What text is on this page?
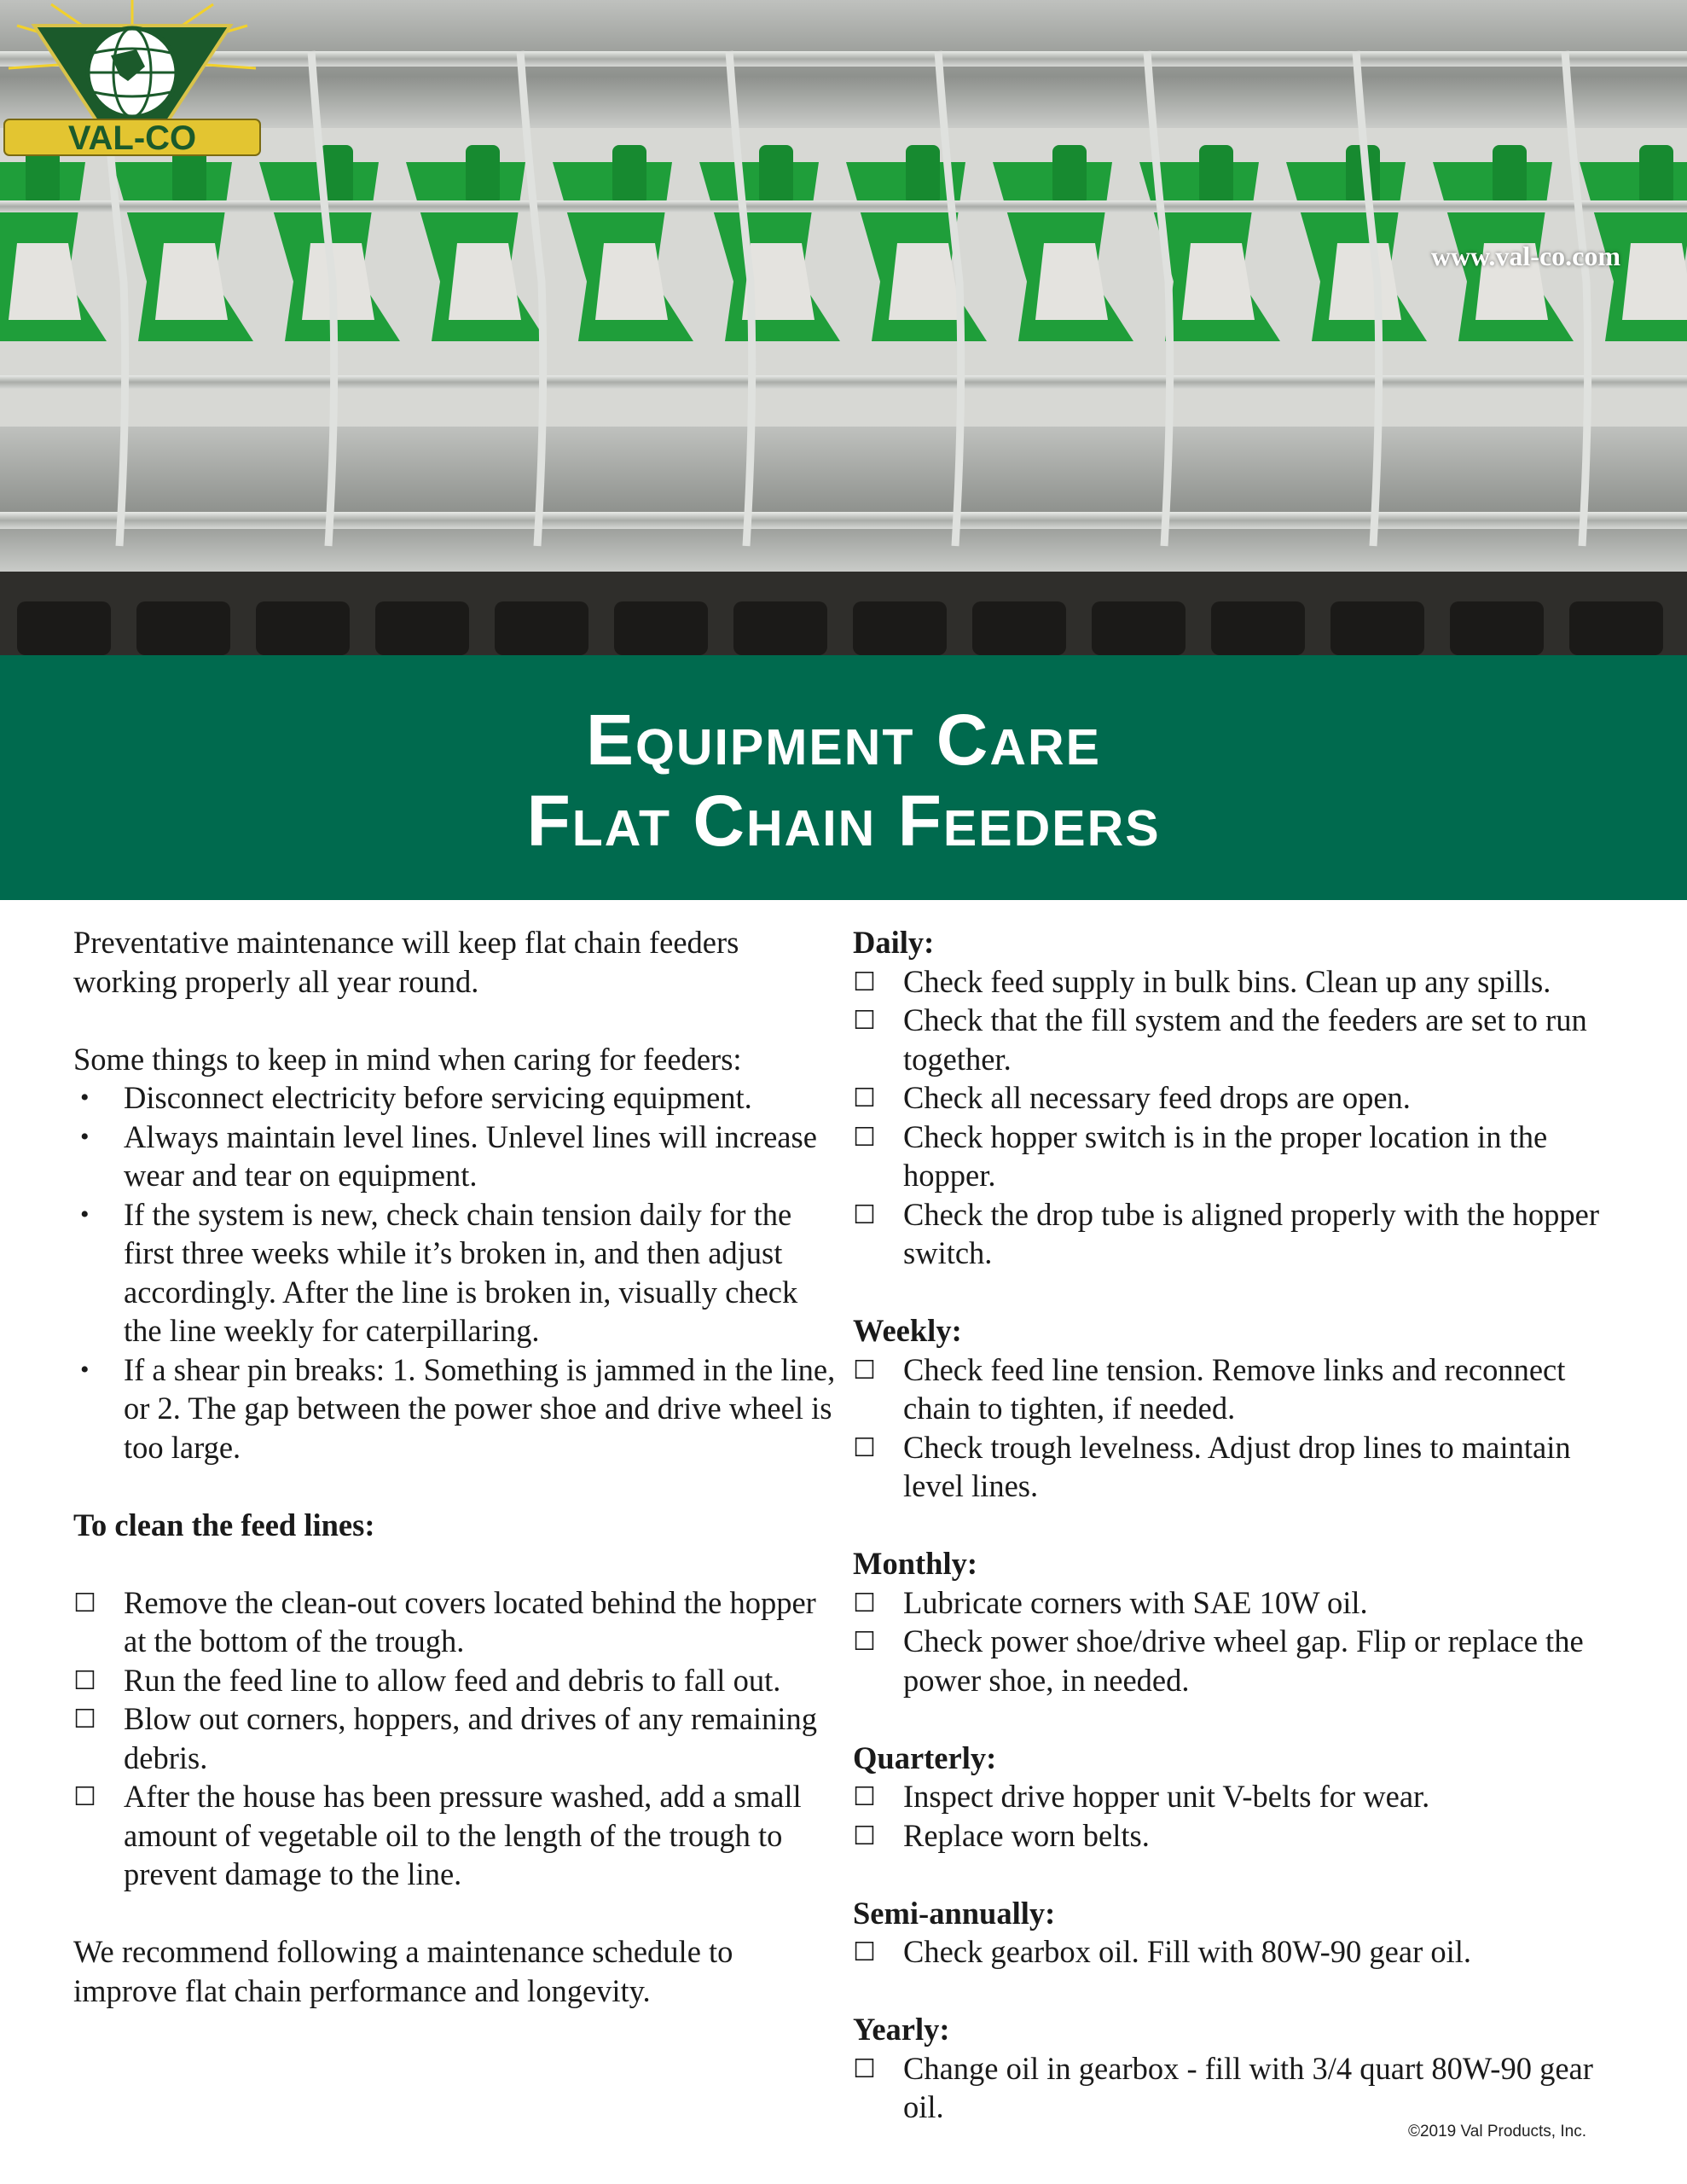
VAL-CO
www.val-co.com
Equipment Care
Flat Chain Feeders

Preventative maintenance will keep flat chain feeders working properly all year round.

Some things to keep in mind when caring for feeders:

• Disconnect electricity before servicing equipment.
• Always maintain level lines. Unlevel lines will increase wear and tear on equipment.
• If the system is new, check chain tension daily for the first three weeks while it’s broken in, and then adjust accordingly. After the line is broken in, visually check the line weekly for caterpillaring.
• If a shear pin breaks: 1. Something is jammed in the line, or 2. The gap between the power shoe and drive wheel is too large.

To clean the feed lines:

☐ Remove the clean-out covers located behind the hopper at the bottom of the trough.
☐ Run the feed line to allow feed and debris to fall out.
☐ Blow out corners, hoppers, and drives of any remaining debris.
☐ After the house has been pressure washed, add a small amount of vegetable oil to the length of the trough to prevent damage to the line.

We recommend following a maintenance schedule to improve flat chain performance and longevity.

Daily:

☐ Check feed supply in bulk bins. Clean up any spills.
☐ Check that the fill system and the feeders are set to run together.
☐ Check all necessary feed drops are open.
☐ Check hopper switch is in the proper location in the hopper.
☐ Check the drop tube is aligned properly with the hopper switch.

Weekly:

☐ Check feed line tension. Remove links and reconnect chain to tighten, if needed.
☐ Check trough levelness. Adjust drop lines to maintain level lines.

Monthly:

☐ Lubricate corners with SAE 10W oil.
☐ Check power shoe/drive wheel gap. Flip or replace the power shoe, in needed.

Quarterly:

☐ Inspect drive hopper unit V-belts for wear.
☐ Replace worn belts.

Semi-annually:

☐ Check gearbox oil. Fill with 80W-90 gear oil.

Yearly:

☐ Change oil in gearbox - fill with 3/4 quart 80W-90 gear oil.
©2019 Val Products, Inc.
